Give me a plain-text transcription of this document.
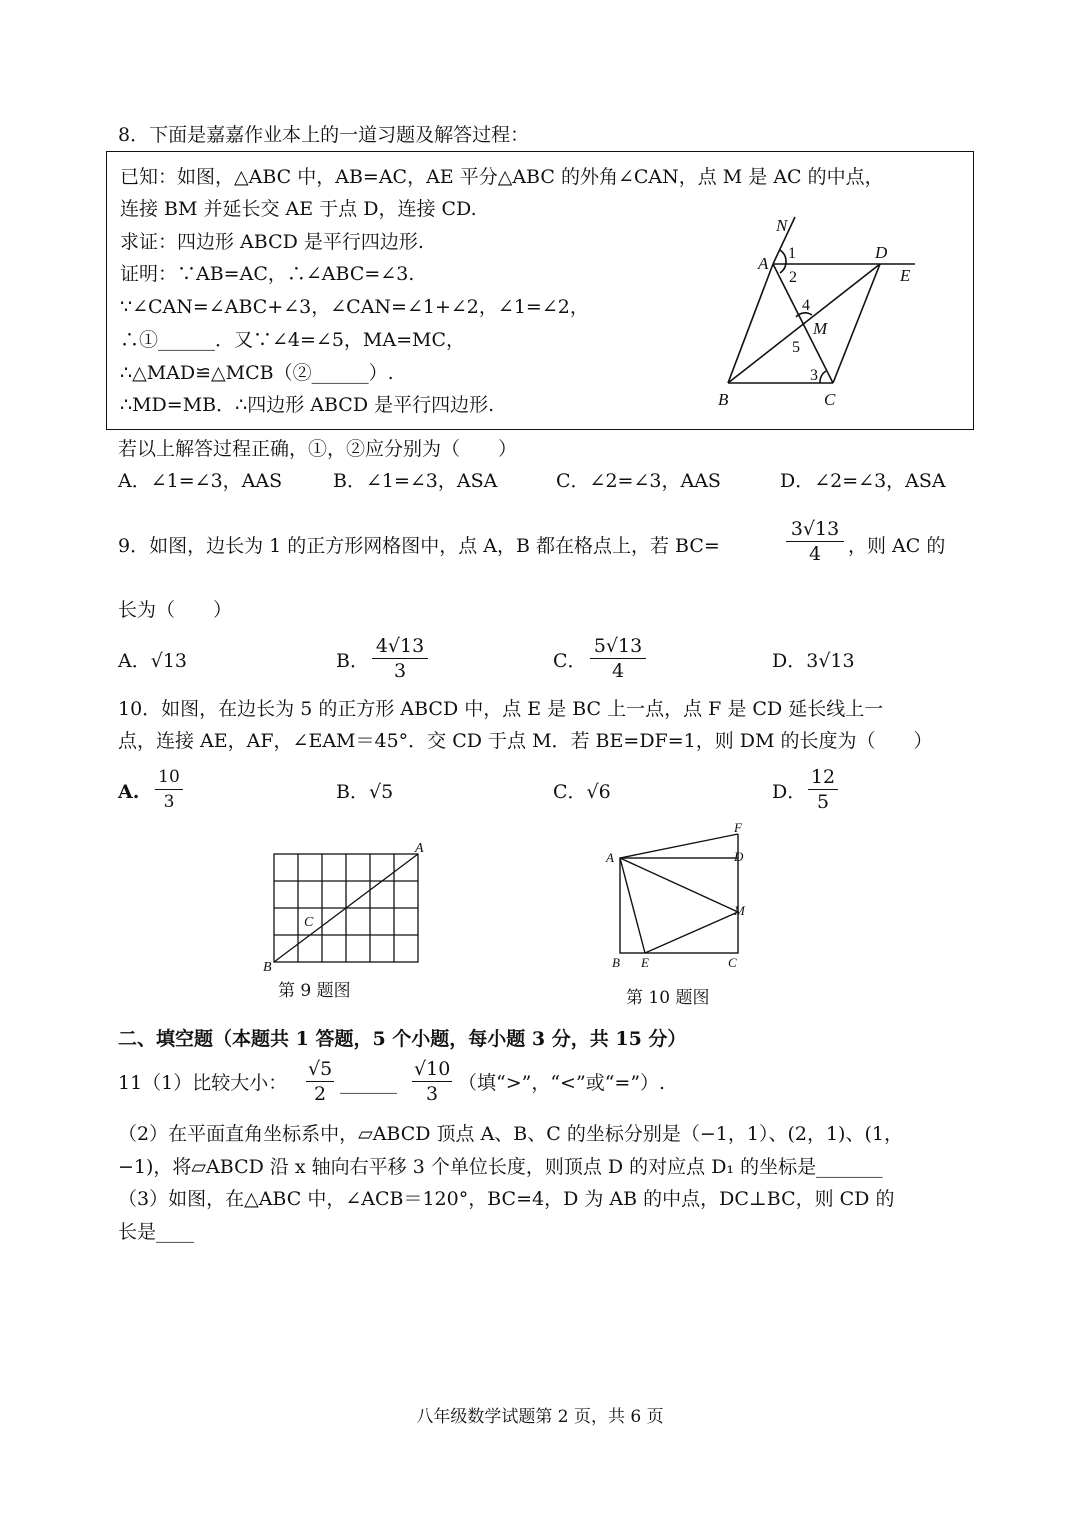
8．下面是嘉嘉作业本上的一道习题及解答过程：
已知：如图，△ABC 中，AB=AC，AE 平分△ABC 的外角∠CAN，点 M 是 AC 的中点，
连接 BM 并延长交 AE 于点 D，连接 CD.
求证：四边形 ABCD 是平行四边形.
证明：∵AB=AC，∴∠ABC=∠3.
∵∠CAN=∠ABC+∠3，∠CAN=∠1+∠2，∠1=∠2，
∴①______．又∵∠4=∠5，MA=MC，
∴△MAD≌△MCB（②______）.
∴MD=MB．∴四边形 ABCD 是平行四边形.
N
A
D
E
M
B	C
1
2
4
5
3
若以上解答过程正确，①，②应分别为（　　）
A．∠1=∠3，AAS	B．∠1=∠3，ASA	C．∠2=∠3，AAS	D．∠2=∠3，ASA
9．如图，边长为 1 的正方形网格图中，点 A，B 都在格点上，若 BC=	$\frac{3√13}{4}$ ，则 AC 的
长为（　　）
A．√13	B． $\frac{4√13}{3}$	C． $\frac{5√13}{4}$	D．3√13
10．如图，在边长为 5 的正方形 ABCD 中，点 E 是 BC 上一点，点 F 是 CD 延长线上一
点，连接 AE，AF，∠EAM＝45°．交 CD 于点 M．若 BE=DF=1，则 DM 的长度为（　　）
A. $\frac{10}{3}$	B．√5	C．√6	D． $\frac{12}{5}$
A
B
C
第 9 题图
F
A	D
M
B E	C
第 10 题图
二、填空题（本题共 1 答题，5 个小题，每小题 3 分，共 15 分）
11（1）比较大小： $\frac{√5}{2}$ ______ $\frac{√10}{3}$ （填“>”，“<”或“=”）.
（2）在平面直角坐标系中，▱ABCD 顶点 A、B、C 的坐标分别是（−1，1）、(2，1)、(1，
−1)，将▱ABCD 沿 x 轴向右平移 3 个单位长度，则顶点 D 的对应点 D₁ 的坐标是_______
（3）如图，在△ABC 中，∠ACB＝120°，BC=4，D 为 AB 的中点，DC⊥BC，则 CD 的
长是____
八年级数学试题第 2 页，共 6 页
